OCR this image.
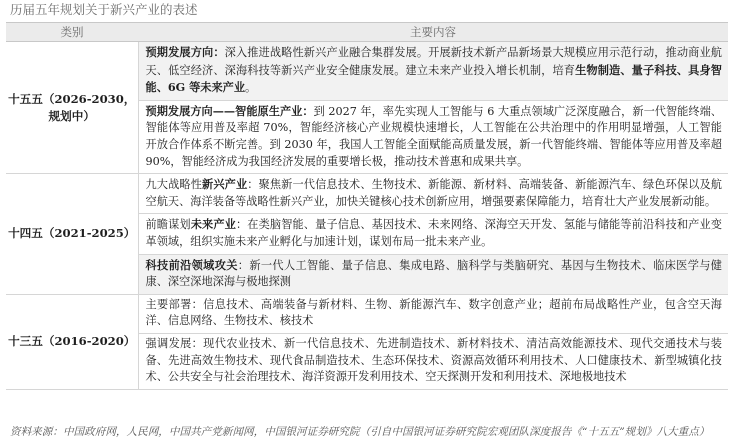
历届五年规划关于新兴产业的表述
类别	主要内容
十五五（2026-2030，
规划中）	预期发展方向：深入推进战略性新兴产业融合集群发展。开展新技术新产品新场景大规模应用示范行动，推动商业航天、低空经济、深海科技等新兴产业安全健康发展。建立未来产业投入增长机制，培育生物制造、量子科技、具身智能、6G 等未来产业。

	预期发展方向——智能原生产业：到 2027 年，率先实现人工智能与 6 大重点领域广泛深度融合，新一代智能终端、智能体等应用普及率超 70%，智能经济核心产业规模快速增长，人工智能在公共治理中的作用明显增强，人工智能开放合作体系不断完善。到 2030 年，我国人工智能全面赋能高质量发展，新一代智能终端、智能体等应用普及率超 90%，智能经济成为我国经济发展的重要增长极，推动技术普惠和成果共享。

十四五（2021-2025）	九大战略性新兴产业：聚焦新一代信息技术、生物技术、新能源、新材料、高端装备、新能源汽车、绿色环保以及航空航天、海洋装备等战略性新兴产业，加快关键核心技术创新应用，增强要素保障能力，培育壮大产业发展新动能。

	前瞻谋划未来产业：在类脑智能、量子信息、基因技术、未来网络、深海空天开发、氢能与储能等前沿科技和产业变革领域，组织实施未来产业孵化与加速计划，谋划布局一批未来产业。

	科技前沿领域攻关：新一代人工智能、量子信息、集成电路、脑科学与类脑研究、基因与生物技术、临床医学与健康、深空深地深海与极地探测

十三五（2016-2020）	主要部署：信息技术、高端装备与新材料、生物、新能源汽车、数字创意产业；超前布局战略性产业，包含空天海洋、信息网络、生物技术、核技术

	强调发展：现代农业技术、新一代信息技术、先进制造技术、新材料技术、清洁高效能源技术、现代交通技术与装备、先进高效生物技术、现代食品制造技术、生态环保技术、资源高效循环利用技术、人口健康技术、新型城镇化技术、公共安全与社会治理技术、海洋资源开发利用技术、空天探测开发和利用技术、深地极地技术
资料来源：中国政府网，人民网，中国共产党新闻网，中国银河证券研究院（引自中国银河证券研究院宏观团队深度报告《“十五五”规划》八大重点）
